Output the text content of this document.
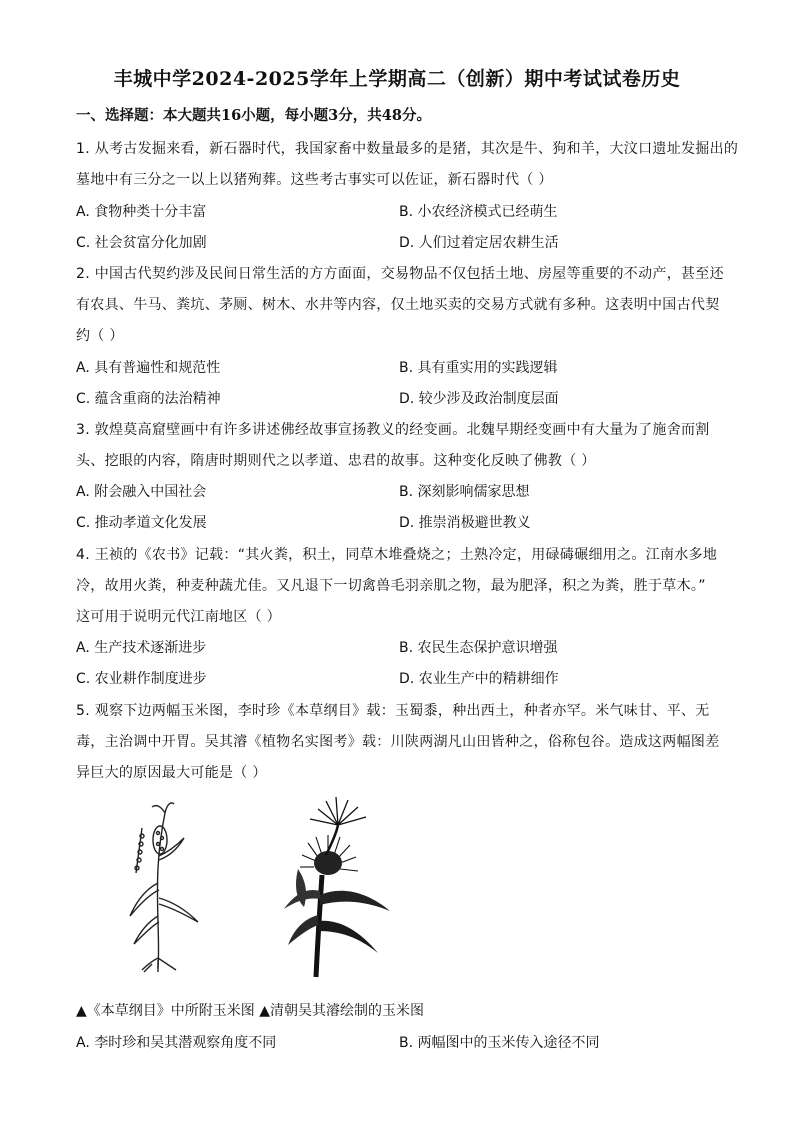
丰城中学2024-2025学年上学期高二（创新）期中考试试卷历史
一、选择题：本大题共16小题，每小题3分，共48分。
1. 从考古发掘来看，新石器时代，我国家畜中数量最多的是猪，其次是牛、狗和羊，大汶口遗址发掘出的
墓地中有三分之一以上以猪殉葬。这些考古事实可以佐证，新石器时代（ ）
A. 食物种类十分丰富	B. 小农经济模式已经萌生
C. 社会贫富分化加剧	D. 人们过着定居农耕生活
2. 中国古代契约涉及民间日常生活的方方面面，交易物品不仅包括土地、房屋等重要的不动产，甚至还
有农具、牛马、粪坑、茅厕、树木、水井等内容，仅土地买卖的交易方式就有多种。这表明中国古代契
约（ ）
A. 具有普遍性和规范性	B. 具有重实用的实践逻辑
C. 蕴含重商的法治精神	D. 较少涉及政治制度层面
3. 敦煌莫高窟壁画中有许多讲述佛经故事宣扬教义的经变画。北魏早期经变画中有大量为了施舍而割
头、挖眼的内容，隋唐时期则代之以孝道、忠君的故事。这种变化反映了佛教（ ）
A. 附会融入中国社会	B. 深刻影响儒家思想
C. 推动孝道文化发展	D. 推崇消极避世教义
4. 王祯的《农书》记载：“其火粪，积土，同草木堆叠烧之；土熟冷定，用碌碡碾细用之。江南水多地
冷，故用火粪，种麦种蔬尤佳。又凡退下一切禽兽毛羽亲肌之物，最为肥泽，积之为粪，胜于草木。”
这可用于说明元代江南地区（ ）
A. 生产技术逐渐进步	B. 农民生态保护意识增强
C. 农业耕作制度进步	D. 农业生产中的精耕细作
5. 观察下边两幅玉米图，李时珍《本草纲目》载：玉蜀黍，种出西土，种者亦罕。米气味甘、平、无
毒，主治调中开胃。吴其濬《植物名实图考》载：川陕两湖凡山田皆种之，俗称包谷。造成这两幅图差
异巨大的原因最大可能是（ ）
▲《本草纲目》中所附玉米图 ▲清朝吴其濬绘制的玉米图
A. 李时珍和吴其潜观察角度不同	B. 两幅图中的玉米传入途径不同
